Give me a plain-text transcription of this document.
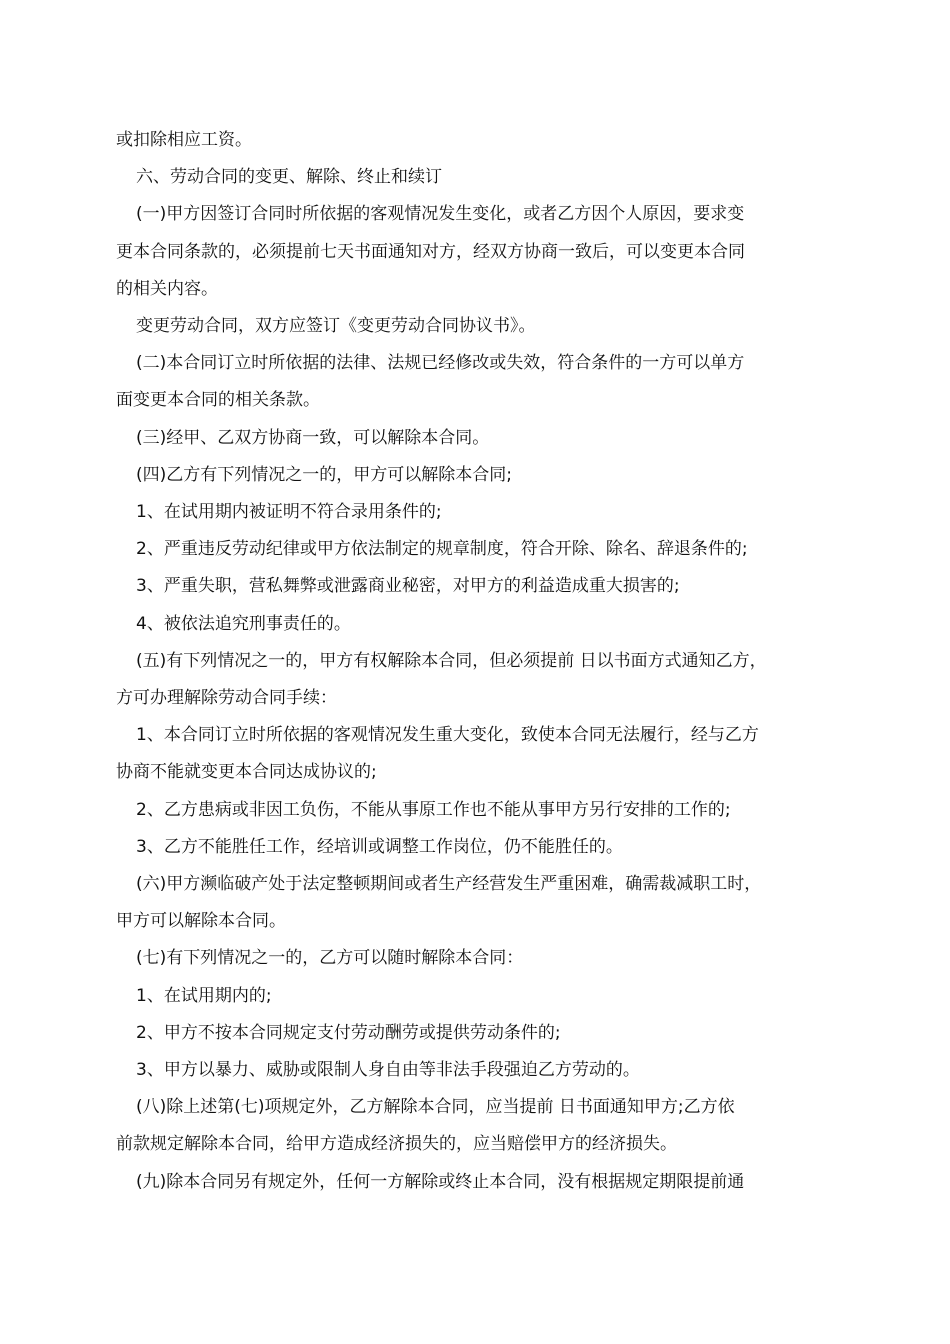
或扣除相应工资。

六、劳动合同的变更、解除、终止和续订

(一)甲方因签订合同时所依据的客观情况发生变化，或者乙方因个人原因，要求变

更本合同条款的，必须提前七天书面通知对方，经双方协商一致后，可以变更本合同

的相关内容。

变更劳动合同，双方应签订《变更劳动合同协议书》。

(二)本合同订立时所依据的法律、法规已经修改或失效，符合条件的一方可以单方

面变更本合同的相关条款。

(三)经甲、乙双方协商一致，可以解除本合同。

(四)乙方有下列情况之一的，甲方可以解除本合同;

1、在试用期内被证明不符合录用条件的;

2、严重违反劳动纪律或甲方依法制定的规章制度，符合开除、除名、辞退条件的;

3、严重失职，营私舞弊或泄露商业秘密，对甲方的利益造成重大损害的;

4、被依法追究刑事责任的。

(五)有下列情况之一的，甲方有权解除本合同，但必须提前 日以书面方式通知乙方，

方可办理解除劳动合同手续：

1、本合同订立时所依据的客观情况发生重大变化，致使本合同无法履行，经与乙方

协商不能就变更本合同达成协议的;

2、乙方患病或非因工负伤，不能从事原工作也不能从事甲方另行安排的工作的;

3、乙方不能胜任工作，经培训或调整工作岗位，仍不能胜任的。

(六)甲方濒临破产处于法定整顿期间或者生产经营发生严重困难，确需裁减职工时，

甲方可以解除本合同。

(七)有下列情况之一的，乙方可以随时解除本合同：

1、在试用期内的;

2、甲方不按本合同规定支付劳动酬劳或提供劳动条件的;

3、甲方以暴力、威胁或限制人身自由等非法手段强迫乙方劳动的。

(八)除上述第(七)项规定外，乙方解除本合同，应当提前 日书面通知甲方;乙方依

前款规定解除本合同，给甲方造成经济损失的，应当赔偿甲方的经济损失。

(九)除本合同另有规定外，任何一方解除或终止本合同，没有根据规定期限提前通
